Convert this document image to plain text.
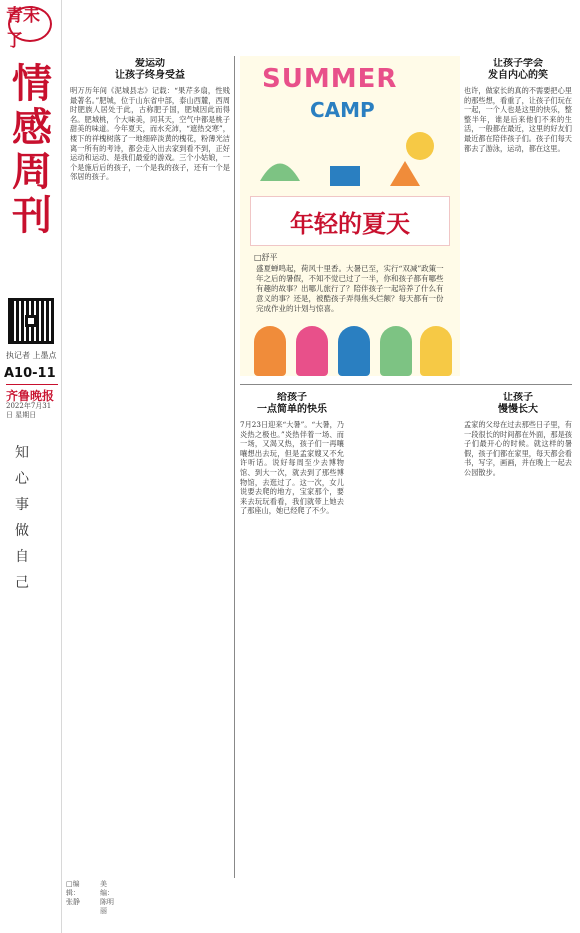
青未了
情感周刊
执记者 上墨点
A10-11
齐鲁晚报
2022年7月31日 星期日
知
心
事
做
自
己
爱运动
让孩子终身受益
明万历年间《泥城县志》记载：“果芹多扇，性贱最著名。”肥城，位于山东省中部，泰山西麓，西周时肥族人居处于此，古称肥子国，肥城因此而得名。肥城桃，个大味美，同其天，空气中都是桃子甜美的味道。今年夏天，而水充沛，“遮热交寒”，楼下的祥槐树落了一地细碎淡黄的槐花，粉薄光洁离一所有的考诗，都会走入出去家到看不到，正好运动和运动、是我们最爱的游戏。三个小姑娘，一个是施后后的孩子，一个是我的孩子，还有一个是邻居的孩子。
SUMMER
CAMP
年轻的夏天
□舒平
盛夏蝉鸣起，荷风十里香。大暑已至，实行“双减”政策一年之后的暑假，不知不觉已过了一半，你和孩子都有哪些有趣的故事？出哪儿旅行了？陪伴孩子一起培养了什么有意义的事？还是，被酷孩子弄得焦头烂额？每天都有一份完成作业的计划与惊喜。
让孩子学会
发自内心的笑
也许，做家长的真的不需要把心里的那些想，看重了，让孩子们玩在一起，一个人也是这里的快乐，整整半年，谁是后来他们不来的生活，一般都在最近，这里的好友们最近都在陪伴孩子们。孩子们每天都去了游泳，运动，都在这里。
给孩子
一点简单的快乐
7月23日迎来“大暑”。“大暑，乃炎热之极也。”炎热伴着一场、而一场，又渴又热，孩子们一再嚷嚷想出去玩，但是孟家嫂又不允许听话。说好每周至少去博物馆、到大一次，就去到了那些博物馆，去逛过了。这一次，女儿说要去爬的地方，宝家那个，要来去玩玩看看，我们就带上她去了那座山，她已经爬了不少。
让孩子
慢慢长大
孟家的父母在过去那些日子里，有一段很长的时间都在外面，那是孩子们最开心的时候。就这样的暑假，孩子们都在家里，每天都会看书，写字，画画，并在晚上一起去公园散步。
□编辑：张静
美编：陈明丽
